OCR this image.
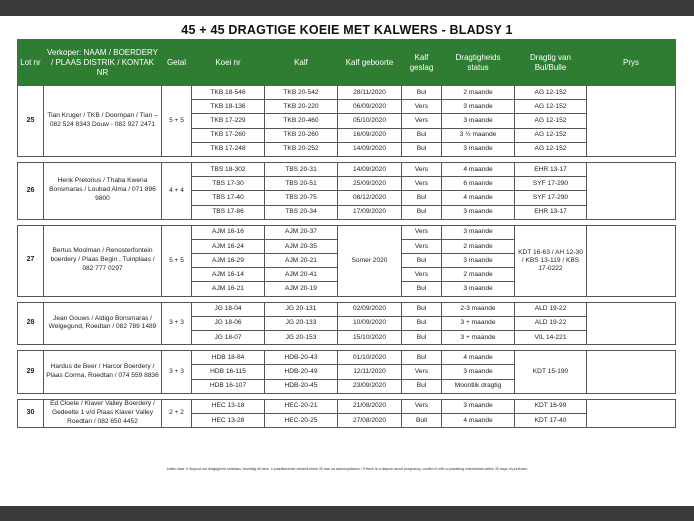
45 + 45 DRAGTIGE KOEIE MET KALWERS - BLADSY 1
Lot nr	Verkoper: NAAM / BOERDERY / PLAAS DISTRIK / KONTAK NR	Getal	Koei nr	Kalf	Kalf geboorte	Kalf geslag	Dragtigheids status	Dragtig van Bul/Bulle	Prys
25	Tian Kruger / TKB / Doornpan / Tian – 082 524 8343 Douw - 082 927 2471	5 + 5	TKB 18-546	TKB 20-542	28/11/2020	Bul	2 maande	AG 12-152	
			TKB 18-136	TKB 20-220	06/09/2020	Vers	3 maande	AG 12-152	
			TKB 17-229	TKB 20-460	05/10/2020	Vers	3 maande	AG 12-152	
			TKB 17-260	TKB 20-260	16/09/2020	Bul	3 ½ maande	AG 12-152	
			TKB 17-248	TKB 20-252	14/09/2020	Bul	3 maande	AG 12-152	

26	Henk Pretorius / Thaba Kwena Bonsmaras / Loubad Alma / 071 896 9800	4 + 4	TBS 18-302	TBS 20-31	14/09/2020	Vers	4 maande	EHR 13-17	
			TBS 17-30	TBS 20-51	25/09/2020	Vers	6 maande	SYF 17-290	
			TBS 17-40	TBS 20-75	08/12/2020	Bul	4 maande	SYF 17-290	
			TBS 17-86	TBS 20-34	17/09/2020	Bul	3 maande	EHR 13-17	

27	Bertus Moolman / Renosterfontein boerdery / Plaas Begin , Tuinplaas / 082 777 0297	5 + 5	AJM 16-16	AJM 20-37	Somer 2020	Vers	3 maande	KDT 16-63 / AH 12-30 / KBS 13-119 / KBS 17-0222	
			AJM 16-24	AJM 20-35		Vers	2 maande		
			AJM 16-29	AJM 20-21		Bul	3 maande		
			AJM 16-14	AJM 20-41		Vers	2 maande		
			AJM 16-21	AJM 20-19		Bul	3 maande		

28	Jean Gouws / Aldigo Bonsmaras / Welgegund, Roedtan / 082 789 1489	3 + 3	JG 18-04	JG 20-131	02/09/2020	Bul	2-3 maande	ALD 19-22	
			JG 18-06	JG 20-133	10/09/2020	Bul	3 + maande	ALD 19-22	
			JG 18-07	JG 20-153	15/10/2020	Bul	3 + maande	VIL 14-221	

29	Hardus de Beer / Harcor Boerdery / Plaas Corma, Roedtan / 074 559 8836	3 + 3	HDB 18-84	HDB-20-43	01/10/2020	Bul	4 maande	KDT 15-190	
			HDB 16-115	HDB-20-49	12/11/2020	Vers	3 maande		
			HDB 16-107	HDB-20-45	23/09/2020	Bul	Moontlik dragtig		

30	Ed Cloete / Klaver Valley Boerdery / Gedeelte 1 v/d Plaas Klaver Valley Roedtan / 082 650 4452	2 + 2	HEC 13-18	HEC-20-21	21/08/2020	Vers	3 maande	KDT 16-99	
			HEC 13-28	HEC-20-25	27/08/2020	Bull	4 maande	KDT 17-40	
Indien daar 'n dispuut oor dragtigheid ontstaan, bevestig dit deur 'n praktiserende veearts binne 30 dae na aankoopdatum / If there is a dispute about pregnancy, confirm it with a practising veterinarian within 30 days of purchase
